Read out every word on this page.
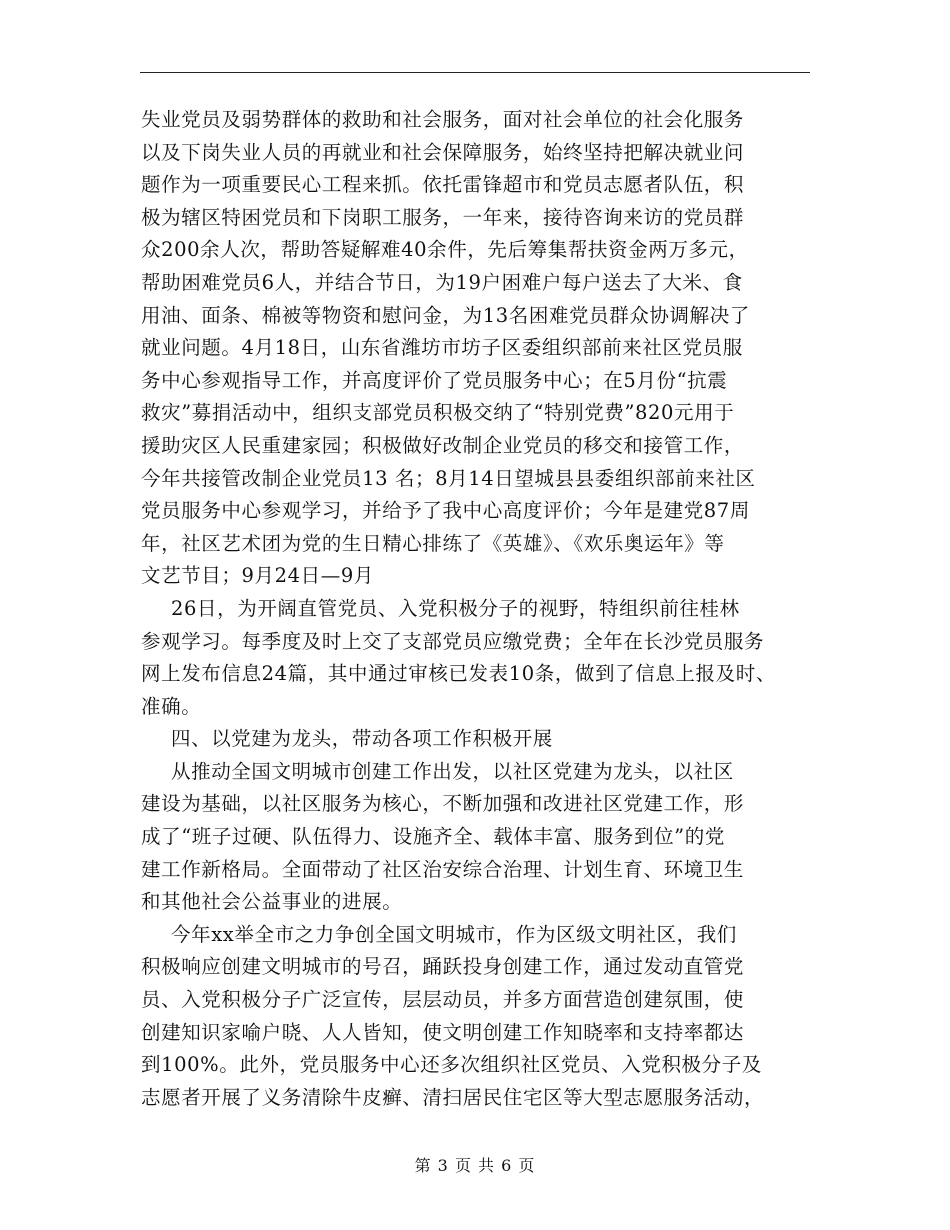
失业党员及弱势群体的救助和社会服务，面对社会单位的社会化服务
以及下岗失业人员的再就业和社会保障服务，始终坚持把解决就业问
题作为一项重要民心工程来抓。依托雷锋超市和党员志愿者队伍，积
极为辖区特困党员和下岗职工服务，一年来，接待咨询来访的党员群
众200余人次，帮助答疑解难40余件，先后筹集帮扶资金两万多元，
帮助困难党员6人，并结合节日，为19户困难户每户送去了大米、食
用油、面条、棉被等物资和慰问金，为13名困难党员群众协调解决了
就业问题。4月18日，山东省潍坊市坊子区委组织部前来社区党员服
务中心参观指导工作，并高度评价了党员服务中心；在5月份“抗震
救灾”募捐活动中，组织支部党员积极交纳了“特别党费”820元用于
援助灾区人民重建家园；积极做好改制企业党员的移交和接管工作，
今年共接管改制企业党员13 名；8月14日望城县县委组织部前来社区
党员服务中心参观学习，并给予了我中心高度评价；今年是建党87周
年，社区艺术团为党的生日精心排练了《英雄》、《欢乐奥运年》等
文艺节目；9月24日—9月
26日，为开阔直管党员、入党积极分子的视野，特组织前往桂林
参观学习。每季度及时上交了支部党员应缴党费；全年在长沙党员服务
网上发布信息24篇，其中通过审核已发表10条，做到了信息上报及时、
准确。
四、以党建为龙头，带动各项工作积极开展
从推动全国文明城市创建工作出发，以社区党建为龙头，以社区
建设为基础，以社区服务为核心，不断加强和改进社区党建工作，形
成了“班子过硬、队伍得力、设施齐全、载体丰富、服务到位”的党
建工作新格局。全面带动了社区治安综合治理、计划生育、环境卫生
和其他社会公益事业的进展。
今年xx举全市之力争创全国文明城市，作为区级文明社区，我们
积极响应创建文明城市的号召，踊跃投身创建工作，通过发动直管党
员、入党积极分子广泛宣传，层层动员，并多方面营造创建氛围，使
创建知识家喻户晓、人人皆知，使文明创建工作知晓率和支持率都达
到100%。此外，党员服务中心还多次组织社区党员、入党积极分子及
志愿者开展了义务清除牛皮癣、清扫居民住宅区等大型志愿服务活动，
第 3 页 共 6 页
